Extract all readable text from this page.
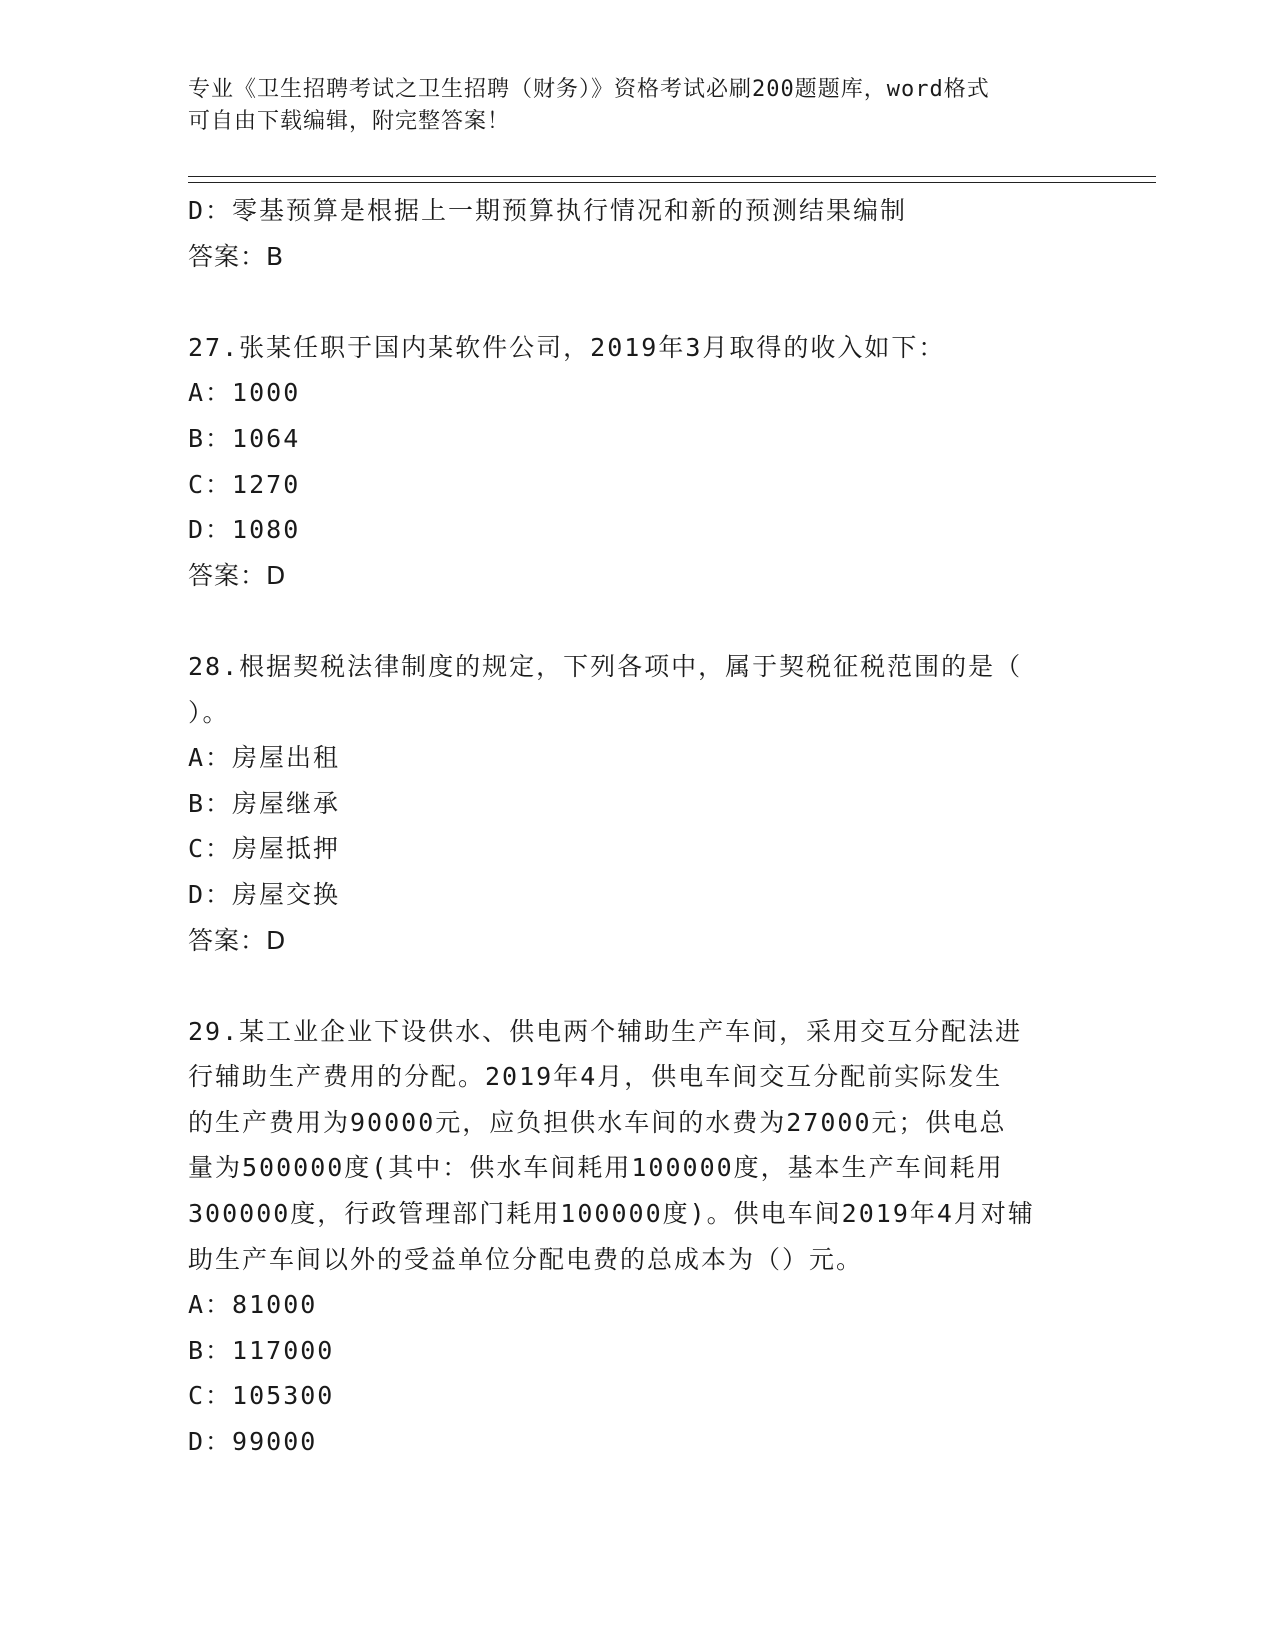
专业《卫生招聘考试之卫生招聘（财务）》资格考试必刷200题题库，word格式
可自由下载编辑，附完整答案！
D：零基预算是根据上一期预算执行情况和新的预测结果编制
答案：B
27.张某任职于国内某软件公司，2019年3月取得的收入如下：
A：1000
B：1064
C：1270
D：1080
答案：D
28.根据契税法律制度的规定，下列各项中，属于契税征税范围的是（
）。
A：房屋出租
B：房屋继承
C：房屋抵押
D：房屋交换
答案：D
29.某工业企业下设供水、供电两个辅助生产车间，采用交互分配法进
行辅助生产费用的分配。2019年4月，供电车间交互分配前实际发生
的生产费用为90000元，应负担供水车间的水费为27000元；供电总
量为500000度(其中：供水车间耗用100000度，基本生产车间耗用
300000度，行政管理部门耗用100000度)。供电车间2019年4月对辅
助生产车间以外的受益单位分配电费的总成本为（）元。
A：81000
B：117000
C：105300
D：99000
